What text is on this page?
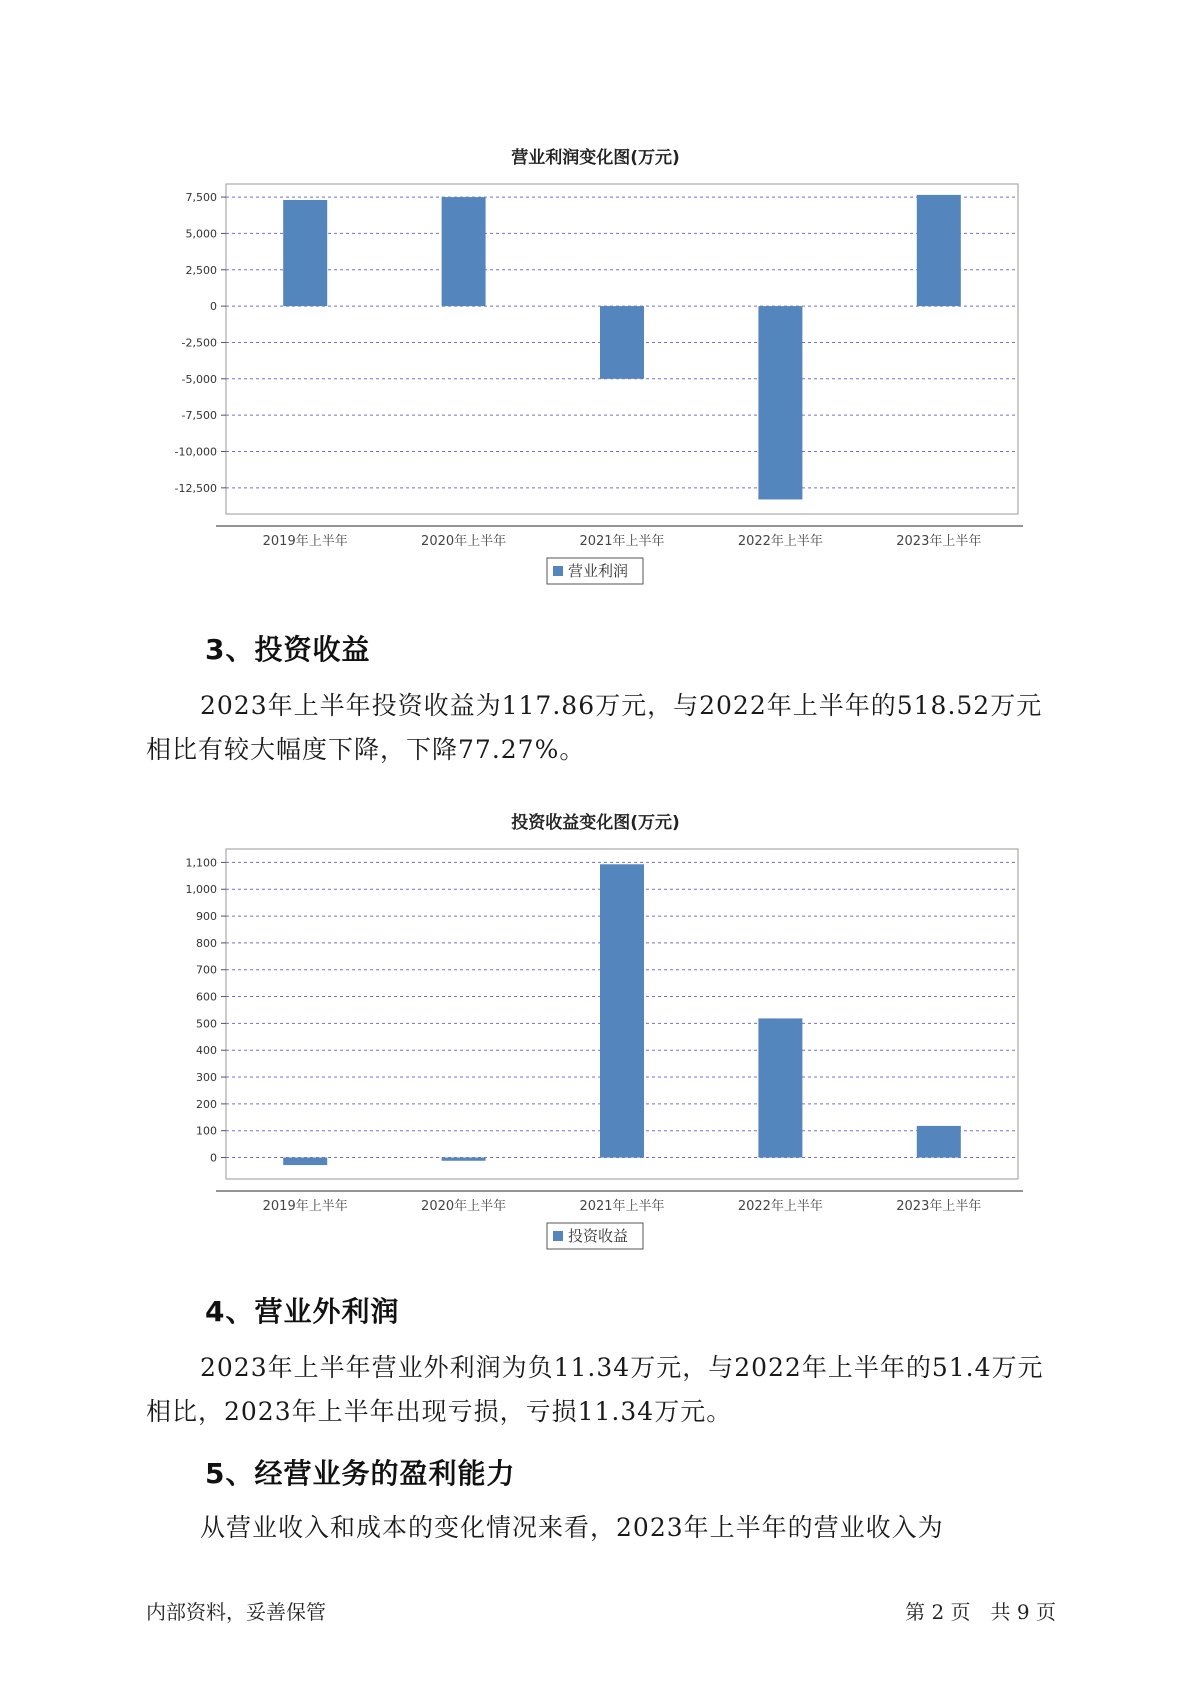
营业利润变化图(万元)
7,500
5,000
2,500
0
-2,500
-5,000
-7,500
-10,000
-12,500
2019年上半年	2020年上半年	2021年上半年	2022年上半年	2023年上半年
营业利润
3、投资收益

2023年上半年投资收益为117.86万元，与2022年上半年的518.52万元
相比有较大幅度下降，下降77.27%。

投资收益变化图(万元)
1,100
1,000
900
800
700
600
500
400
300
200
100
0
2019年上半年	2020年上半年	2021年上半年	2022年上半年	2023年上半年
投资收益
4、营业外利润

2023年上半年营业外利润为负11.34万元，与2022年上半年的51.4万元
相比，2023年上半年出现亏损，亏损11.34万元。

5、经营业务的盈利能力

从营业收入和成本的变化情况来看，2023年上半年的营业收入为

内部资料，妥善保管	第 2 页　共 9 页
